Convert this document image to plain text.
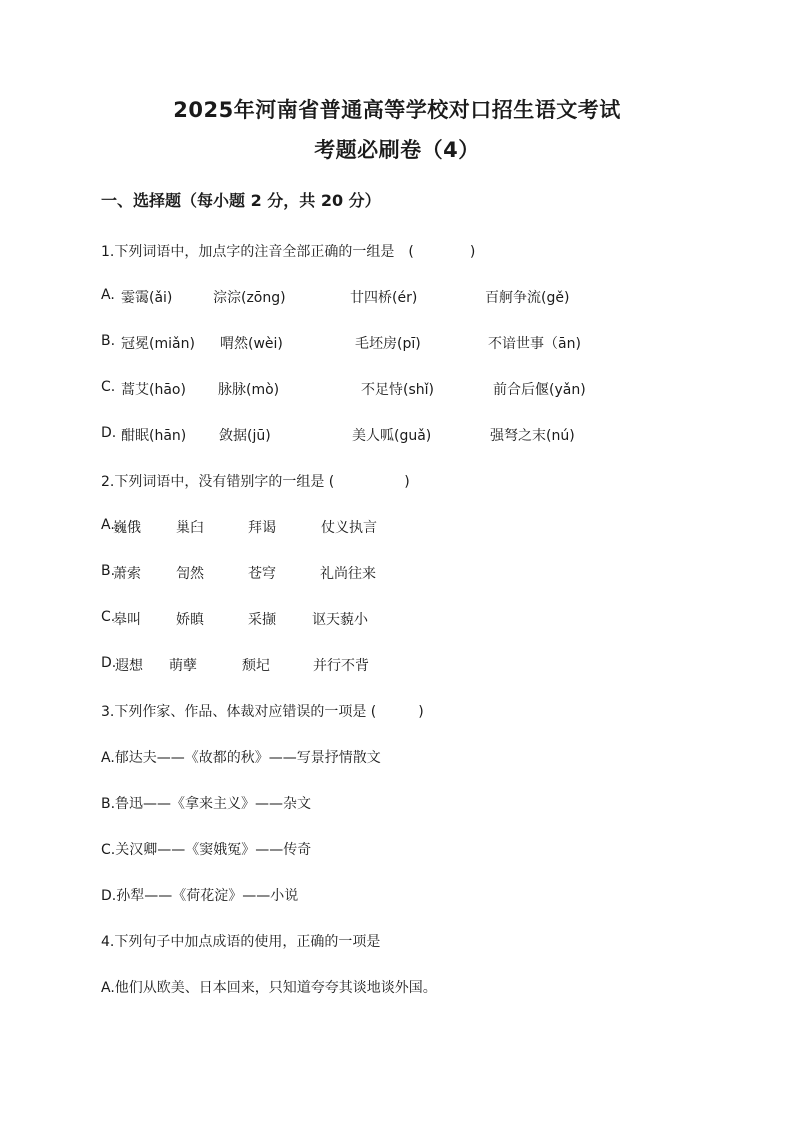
2025年河南省普通高等学校对口招生语文考试
考题必刷卷（4）
一、选择题（每小题 2 分，共 20 分）
1.下列词语中，加点字的注音全部正确的一组是　(　　　　)
A. 霎霭(ǎi)	淙淙(zōng)	廿四桥(ér)	百舸争流(gě)
B. 冠冕(miǎn) 喟然(wèi)	毛坯房(pī)	不谙世事（ān)
C. 蒿艾(hāo) 脉脉(mò)	不足恃(shǐ)	前合后偃(yǎn)
D. 酣眠(hān) 敛据(jū)	美人呱(guǎ)	强弩之末(nú)
2.下列词语中，没有错别字的一组是 (　　　　　)
A.
巍俄	巢臼	拜谒	仗义执言
B.
萧索	訇然	苍穹	礼尚往来
C.
皋叫	娇瞋	采撷	讴天藐小
D.
遐想 萌孽	颓圮	并行不背
3.下列作家、作品、体裁对应错误的一项是 (　　　)
A.郁达夫——《故都的秋》——写景抒情散文
B.鲁迅——《拿来主义》——杂文
C.关汉卿——《窦娥冤》——传奇
D.孙犁——《荷花淀》——小说
4.下列句子中加点成语的使用，正确的一项是
A.他们从欧美、日本回来，只知道夸夸其谈地谈外国。
